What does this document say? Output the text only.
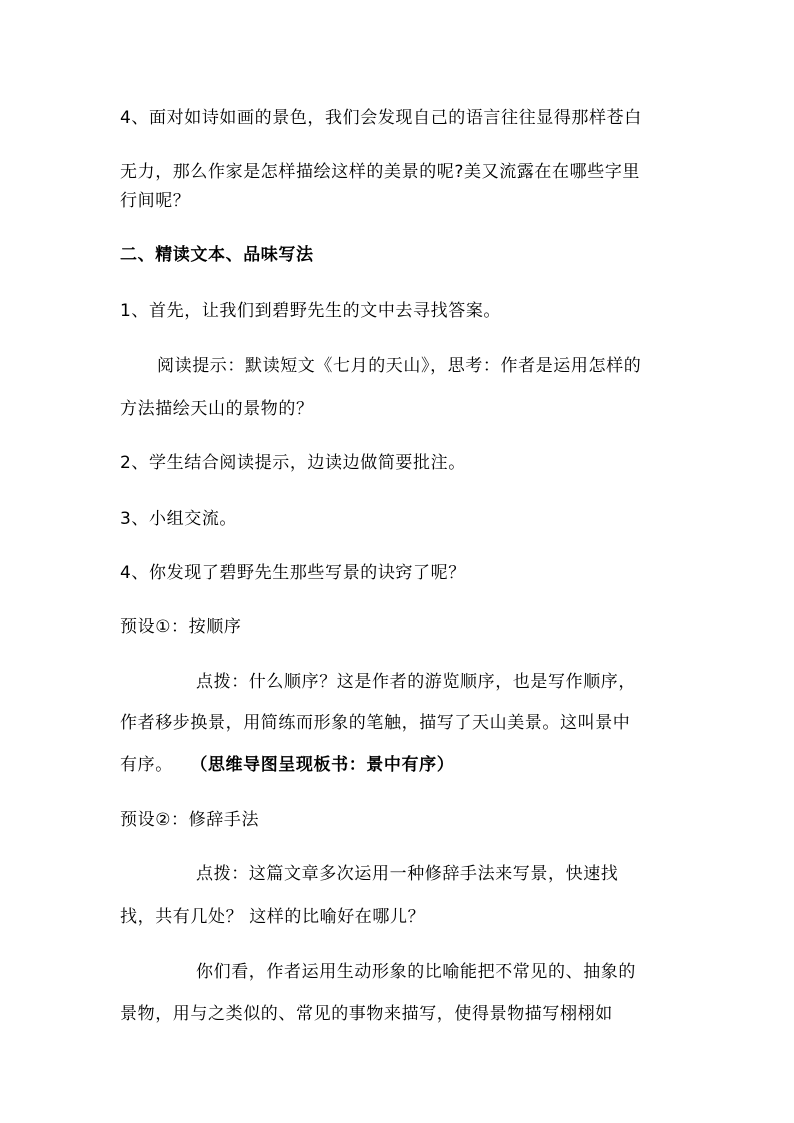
4、面对如诗如画的景色，我们会发现自己的语言往往显得那样苍白
无力，那么作家是怎样描绘这样的美景的呢?美又流露在在哪些字里
行间呢？
二、精读文本、品味写法
1、首先，让我们到碧野先生的文中去寻找答案。
阅读提示：默读短文《七月的天山》，思考：作者是运用怎样的
方法描绘天山的景物的？
2、学生结合阅读提示，边读边做简要批注。
3、小组交流。
4、你发现了碧野先生那些写景的诀窍了呢？
预设①：按顺序
点拨：什么顺序？这是作者的游览顺序，也是写作顺序，
作者移步换景，用简练而形象的笔触，描写了天山美景。这叫景中
有序。 （思维导图呈现板书：景中有序）
预设②：修辞手法
点拨：这篇文章多次运用一种修辞手法来写景，快速找
找，共有几处？ 这样的比喻好在哪儿？
你们看，作者运用生动形象的比喻能把不常见的、抽象的
景物，用与之类似的、常见的事物来描写，使得景物描写栩栩如
